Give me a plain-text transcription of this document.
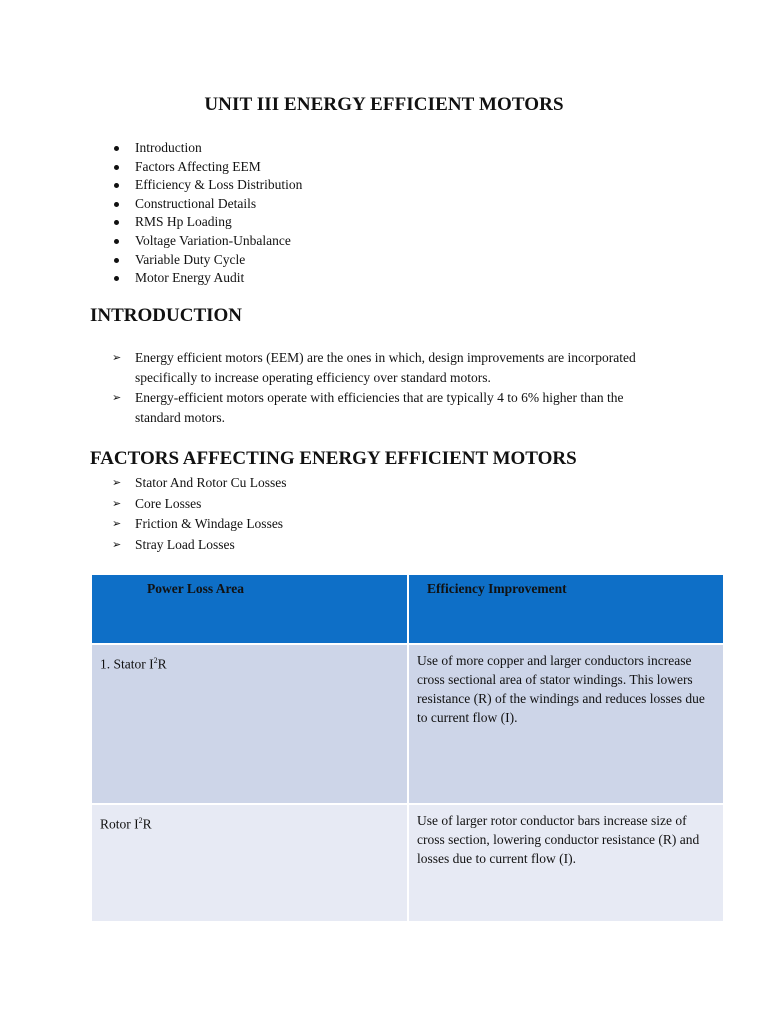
UNIT III ENERGY EFFICIENT MOTORS
Introduction
Factors Affecting EEM
Efficiency & Loss Distribution
Constructional Details
RMS Hp Loading
Voltage Variation-Unbalance
Variable Duty Cycle
Motor Energy Audit
INTRODUCTION
➢ Energy efficient motors (EEM) are the ones in which, design improvements are incorporated specifically to increase operating efficiency over standard motors.
➢ Energy-efficient motors operate with efficiencies that are typically 4 to 6% higher than the standard motors.
FACTORS AFFECTING ENERGY EFFICIENT MOTORS
➢ Stator And Rotor Cu Losses
➢ Core Losses
➢ Friction & Windage Losses
➢ Stray Load Losses
Power Loss Area	Efficiency Improvement
1. Stator $I^2R$	Use of more copper and larger conductors increase cross sectional area of stator windings. This lowers resistance (R) of the windings and reduces losses due to current flow (I).
Rotor $I^2R$	Use of larger rotor conductor bars increase size of cross section, lowering conductor resistance (R) and losses due to current flow (I).
